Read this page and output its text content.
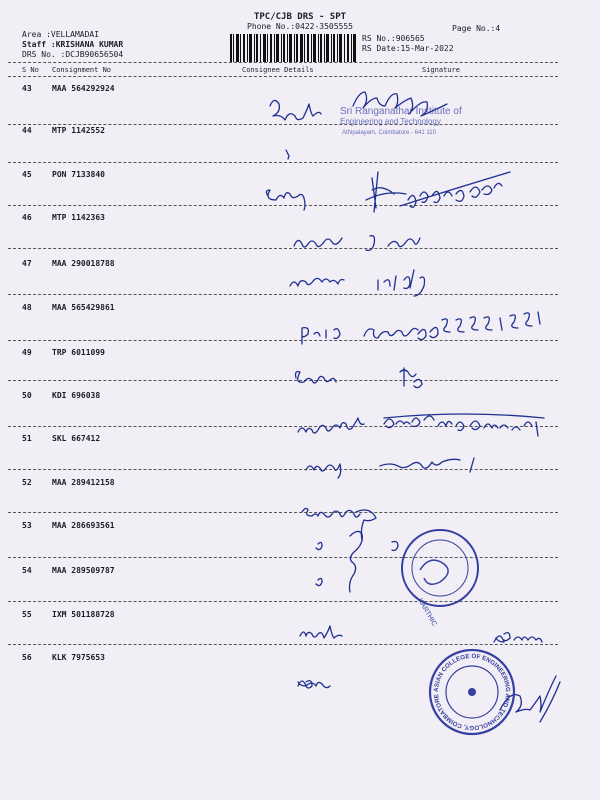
TPC/CJB DRS - SPT
Phone No.:0422-3505555	Page No.:4
Area :VELLAMADAI
Staff :KRISHANA KUMAR
DRS No. :DCJB90656504
RS No.:906565
RS Date:15-Mar-2022
S No Consignment No	Consignee Details	Signature
43	MAA 564292924
44	MTP 1142552
45	PON 7133840
46	MTP 1142363
47	MAA 290018788
48	MAA 565429861
49	TRP 6011099
50	KDI 696038
51	SKL 667412
52	MAA 289412158
53	MAA 286693561
54	MAA 289509787
55	IXM 501188728
56	KLK 7975653
Sri Ranganathar Institute of
Engineering and Technology
Athipalayam, Coimbatore - 641 110
KARTHIC
ASIAN COLLEGE OF ENGINEERING AND TECHNOLOGY, COIMBATORE
